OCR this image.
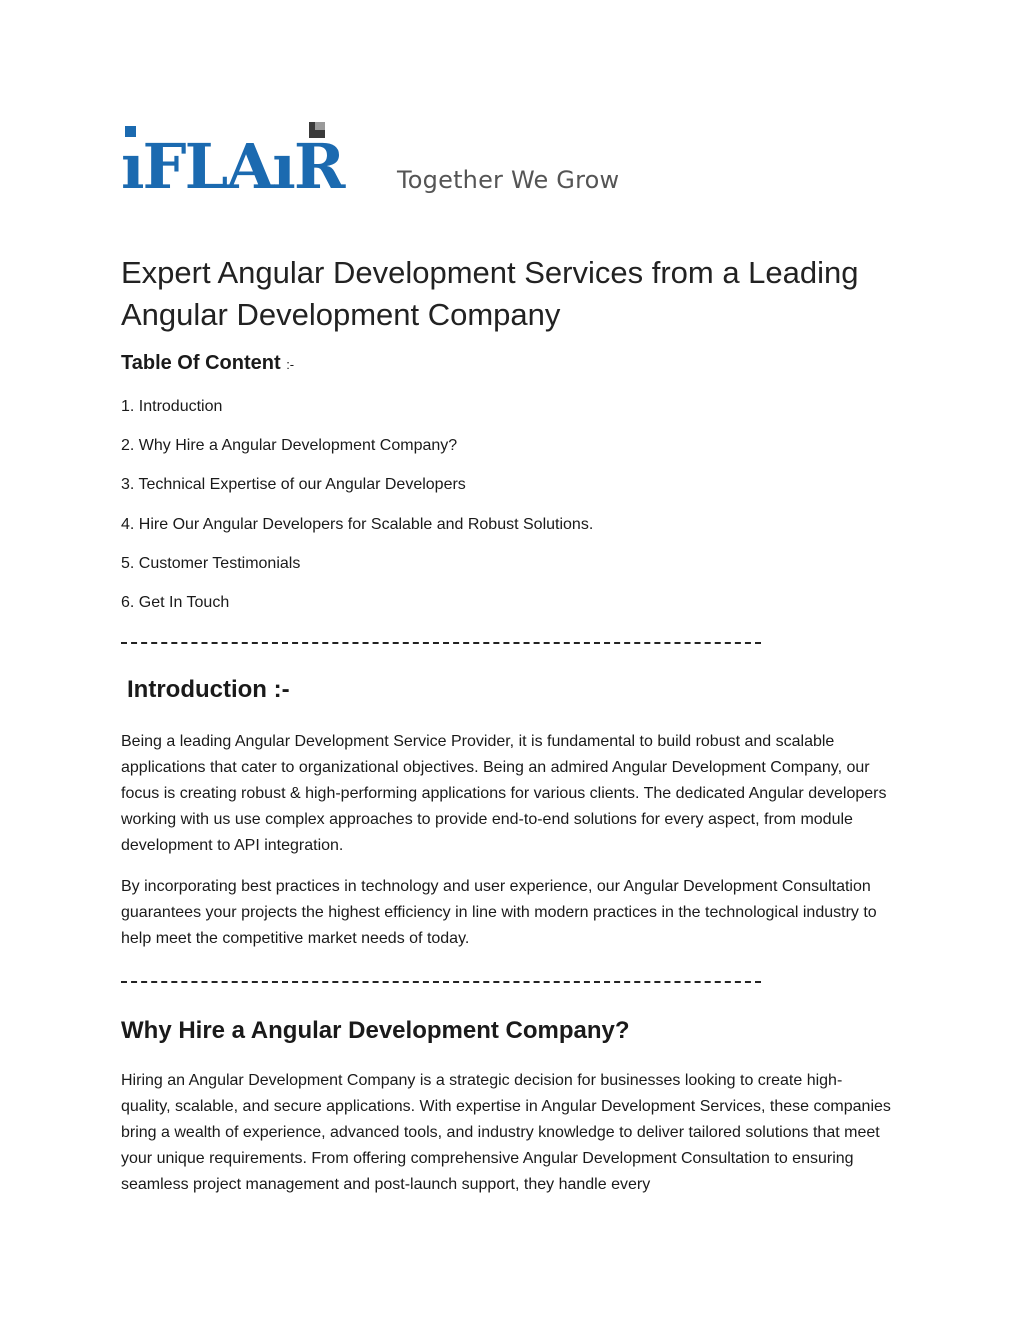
ıFLAıR Together We Grow
Expert Angular Development Services from a Leading Angular Development Company
Table Of Content :-
1. Introduction
2. Why Hire a Angular Development Company?
3. Technical Expertise of our Angular Developers
4. Hire Our Angular Developers for Scalable and Robust Solutions.
5. Customer Testimonials
6. Get In Touch
Introduction :-

Being a leading Angular Development Service Provider, it is fundamental to build robust and scalable applications that cater to organizational objectives. Being an admired Angular Development Company, our focus is creating robust & high-performing applications for various clients. The dedicated Angular developers working with us use complex approaches to provide end-to-end solutions for every aspect, from module development to API integration.

By incorporating best practices in technology and user experience, our Angular Development Consultation guarantees your projects the highest efficiency in line with modern practices in the technological industry to help meet the competitive market needs of today.

Why Hire a Angular Development Company?

Hiring an Angular Development Company is a strategic decision for businesses looking to create high-quality, scalable, and secure applications. With expertise in Angular Development Services, these companies bring a wealth of experience, advanced tools, and industry knowledge to deliver tailored solutions that meet your unique requirements. From offering comprehensive Angular Development Consultation to ensuring seamless project management and post-launch support, they handle every
